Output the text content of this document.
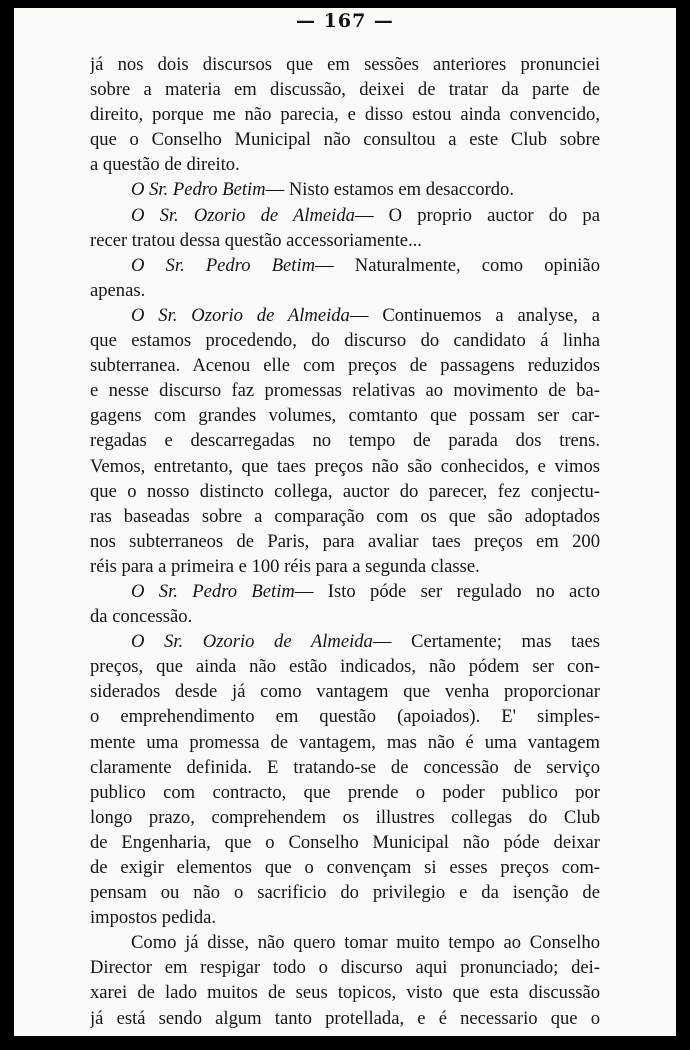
— 167 —
já nos dois discursos que em sessões anteriores pronunciei
sobre a materia em discussão, deixei de tratar da parte de
direito, porque me não parecia, e disso estou ainda convencido,
que o Conselho Municipal não consultou a este Club sobre
a questão de direito.
O Sr. Pedro Betim— Nisto estamos em desaccordo.
O Sr. Ozorio de Almeida— O proprio auctor do pa
recer tratou dessa questão accessoriamente...
O Sr. Pedro Betim— Naturalmente, como opinião
apenas.
O Sr. Ozorio de Almeida— Continuemos a analyse, a
que estamos procedendo, do discurso do candidato á linha
subterranea. Acenou elle com preços de passagens reduzidos
e nesse discurso faz promessas relativas ao movimento de ba-
gagens com grandes volumes, comtanto que possam ser car-
regadas e descarregadas no tempo de parada dos trens.
Vemos, entretanto, que taes preços não são conhecidos, e vimos
que o nosso distincto collega, auctor do parecer, fez conjectu-
ras baseadas sobre a comparação com os que são adoptados
nos subterraneos de Paris, para avaliar taes preços em 200
réis para a primeira e 100 réis para a segunda classe.
O Sr. Pedro Betim— Isto póde ser regulado no acto
da concessão.
O Sr. Ozorio de Almeida— Certamente; mas taes
preços, que ainda não estão indicados, não pódem ser con-
siderados desde já como vantagem que venha proporcionar
o emprehendimento em questão (apoiados). E' simples-
mente uma promessa de vantagem, mas não é uma vantagem
claramente definida. E tratando-se de concessão de serviço
publico com contracto, que prende o poder publico por
longo prazo, comprehendem os illustres collegas do Club
de Engenharia, que o Conselho Municipal não póde deixar
de exigir elementos que o convençam si esses preços com-
pensam ou não o sacrificio do privilegio e da isenção de
impostos pedida.
Como já disse, não quero tomar muito tempo ao Conselho
Director em respigar todo o discurso aqui pronunciado; dei-
xarei de lado muitos de seus topicos, visto que esta discussão
já está sendo algum tanto protellada, e é necessario que o
